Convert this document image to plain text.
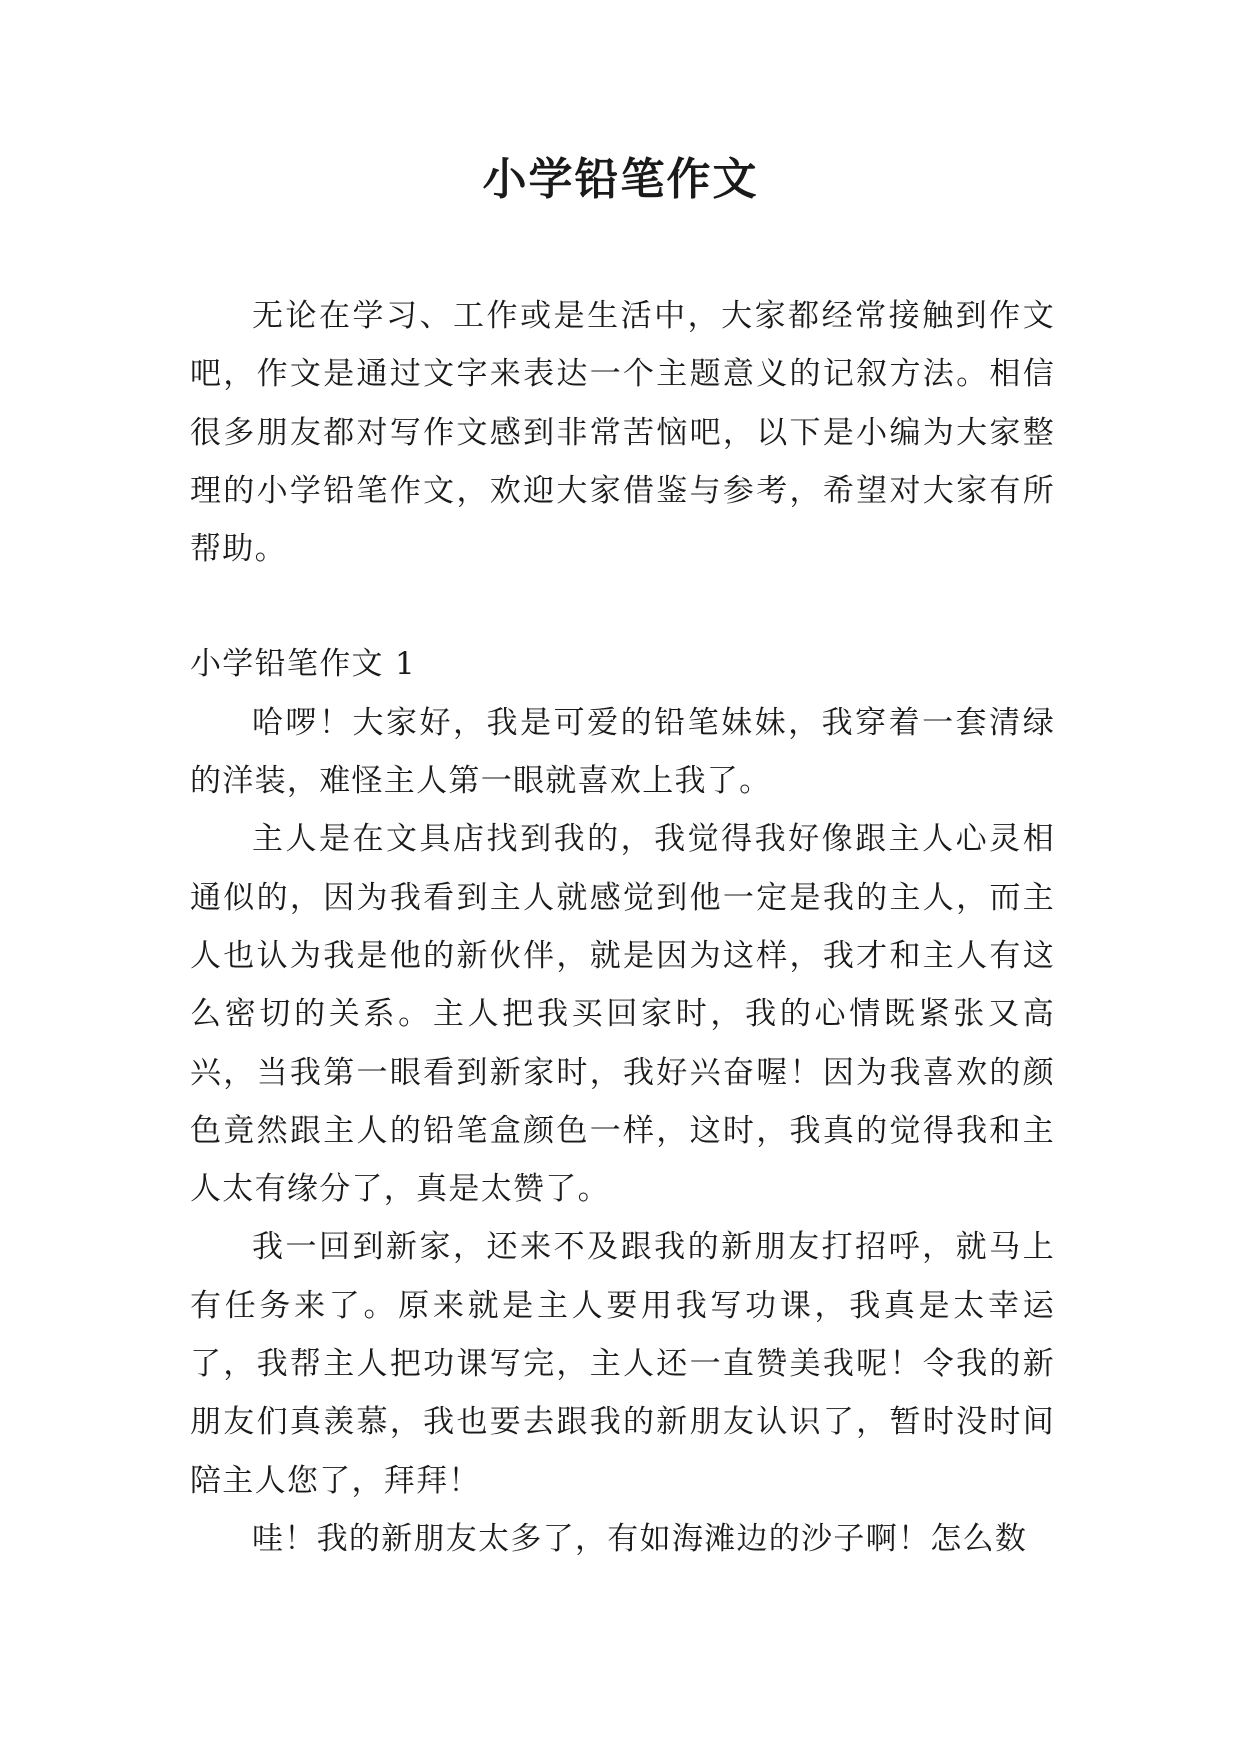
小学铅笔作文

无论在学习、工作或是生活中，大家都经常接触到作文吧，作文是通过文字来表达一个主题意义的记叙方法。相信很多朋友都对写作文感到非常苦恼吧，以下是小编为大家整理的小学铅笔作文，欢迎大家借鉴与参考，希望对大家有所帮助。

小学铅笔作文 1

哈啰！大家好，我是可爱的铅笔妹妹，我穿着一套清绿的洋装，难怪主人第一眼就喜欢上我了。

主人是在文具店找到我的，我觉得我好像跟主人心灵相通似的，因为我看到主人就感觉到他一定是我的主人，而主人也认为我是他的新伙伴，就是因为这样，我才和主人有这么密切的关系。主人把我买回家时，我的心情既紧张又高兴，当我第一眼看到新家时，我好兴奋喔！因为我喜欢的颜色竟然跟主人的铅笔盒颜色一样，这时，我真的觉得我和主人太有缘分了，真是太赞了。

我一回到新家，还来不及跟我的新朋友打招呼，就马上有任务来了。原来就是主人要用我写功课，我真是太幸运了，我帮主人把功课写完，主人还一直赞美我呢！令我的新朋友们真羡慕，我也要去跟我的新朋友认识了，暂时没时间陪主人您了，拜拜！

哇！我的新朋友太多了，有如海滩边的沙子啊！怎么数
